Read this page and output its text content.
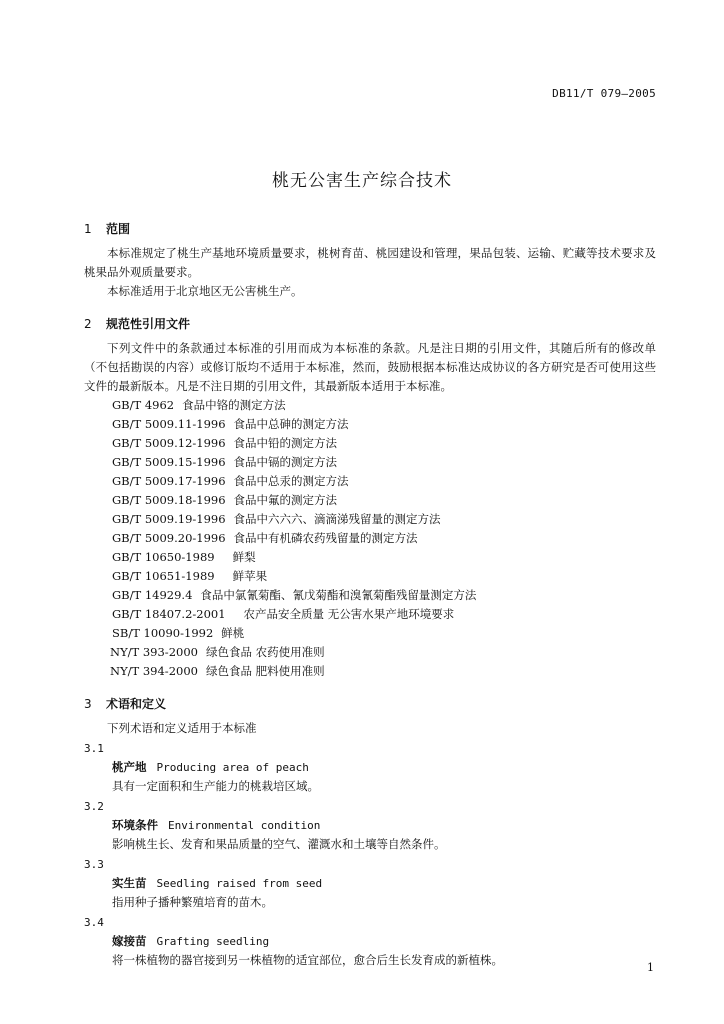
DB11/T 079—2005
桃无公害生产综合技术
1 范围
本标准规定了桃生产基地环境质量要求，桃树育苗、桃园建设和管理，果品包装、运输、贮藏等技术要求及桃果品外观质量要求。
本标准适用于北京地区无公害桃生产。
2 规范性引用文件
下列文件中的条款通过本标准的引用而成为本标准的条款。凡是注日期的引用文件，其随后所有的修改单（不包括勘误的内容）或修订版均不适用于本标准，然而，鼓励根据本标准达成协议的各方研究是否可使用这些文件的最新版本。凡是不注日期的引用文件，其最新版本适用于本标准。
GB/T 4962 食品中铬的测定方法
GB/T 5009.11-1996 食品中总砷的测定方法
GB/T 5009.12-1996 食品中铅的测定方法
GB/T 5009.15-1996 食品中镉的测定方法
GB/T 5009.17-1996 食品中总汞的测定方法
GB/T 5009.18-1996 食品中氟的测定方法
GB/T 5009.19-1996 食品中六六六、滴滴涕残留量的测定方法
GB/T 5009.20-1996 食品中有机磷农药残留量的测定方法
GB/T 10650-1989 鲜梨
GB/T 10651-1989 鲜苹果
GB/T 14929.4 食品中氯氰菊酯、氰戊菊酯和溴氰菊酯残留量测定方法
GB/T 18407.2-2001 农产品安全质量 无公害水果产地环境要求
SB/T 10090-1992 鲜桃
NY/T 393-2000 绿色食品 农药使用准则
NY/T 394-2000 绿色食品 肥料使用准则
3 术语和定义
下列术语和定义适用于本标准
3.1
桃产地 Producing area of peach
具有一定面积和生产能力的桃栽培区域。
3.2
环境条件 Environmental condition
影响桃生长、发育和果品质量的空气、灌溉水和土壤等自然条件。
3.3
实生苗 Seedling raised from seed
指用种子播种繁殖培育的苗木。
3.4
嫁接苗 Grafting seedling
将一株植物的器官接到另一株植物的适宜部位，愈合后生长发育成的新植株。
1
